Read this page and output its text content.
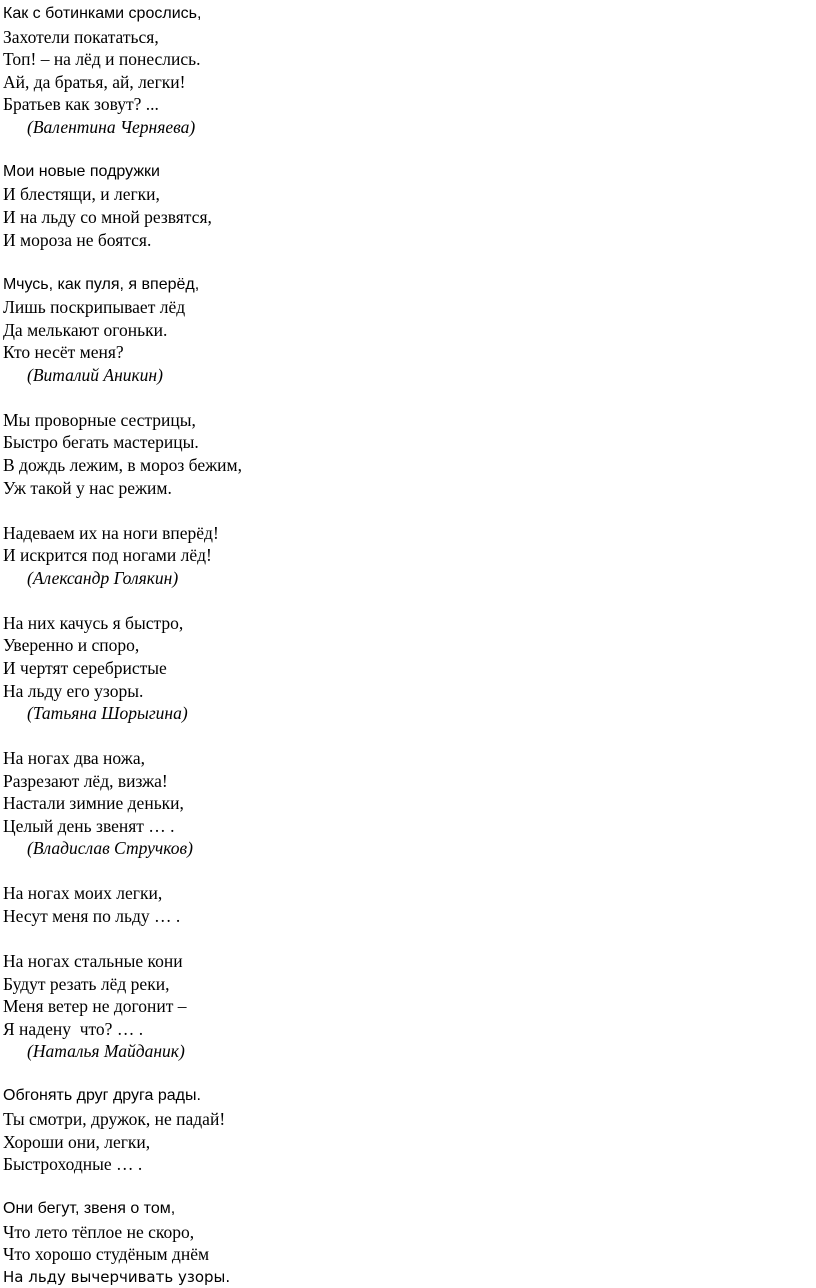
Как с ботинками срослись,
Захотели покататься,
Топ! – на лёд и понеслись.
Ай, да братья, ай, легки!
Братьев как зовут? ...
(Валентина Черняева)
Мои новые подружки
И блестящи, и легки,
И на льду со мной резвятся,
И мороза не боятся.
Мчусь, как пуля, я вперёд,
Лишь поскрипывает лёд
Да мелькают огоньки.
Кто несёт меня?
(Виталий Аникин)
Мы проворные сестрицы,
Быстро бегать мастерицы.
В дождь лежим, в мороз бежим,
Уж такой у нас режим.
Надеваем их на ноги вперёд!
И искрится под ногами лёд!
(Александр Голякин)
На них качусь я быстро,
Уверенно и споро,
И чертят серебристые
На льду его узоры.
(Татьяна Шорыгина)
На ногах два ножа,
Разрезают лёд, визжа!
Настали зимние деньки,
Целый день звенят … .
(Владислав Стручков)
На ногах моих легки,
Несут меня по льду … .
На ногах стальные кони
Будут резать лёд реки,
Меня ветер не догонит –
Я надену  что? … .
(Наталья Майданик)
Обгонять друг друга рады.
Ты смотри, дружок, не падай!
Хороши они, легки,
Быстроходные … .
Они бегут, звеня о том,
Что лето тёплое не скоро,
Что хорошо студёным днём
На льду вычерчивать узоры.
